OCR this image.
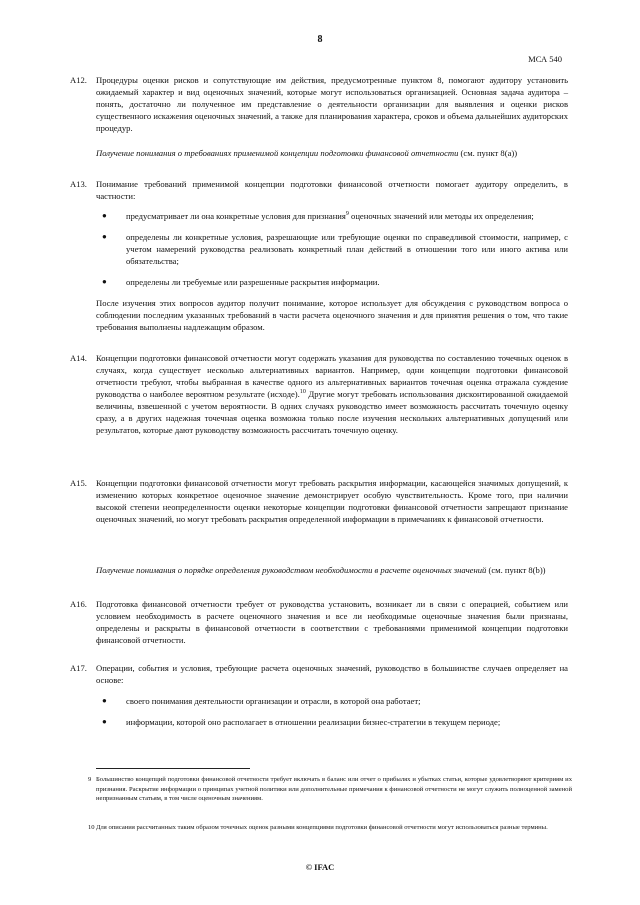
8
МСА 540
A12. Процедуры оценки рисков и сопутствующие им действия, предусмотренные пунктом 8, помогают аудитору установить ожидаемый характер и вид оценочных значений, которые могут использоваться организацией. Основная задача аудитора – понять, достаточно ли полученное им представление о деятельности организации для выявления и оценки рисков существенного искажения оценочных значений, а также для планирования характера, сроков и объема дальнейших аудиторских процедур.
Получение понимания о требованиях применимой концепции подготовки финансовой отчетности (см. пункт 8(a))
A13. Понимание требований применимой концепции подготовки финансовой отчетности помогает аудитору определить, в частности:
● предусматривает ли она конкретные условия для признания$^9$ оценочных значений или методы их определения;
● определены ли конкретные условия, разрешающие или требующие оценки по справедливой стоимости, например, с учетом намерений руководства реализовать конкретный план действий в отношении того или иного актива или обязательства;
● определены ли требуемые или разрешенные раскрытия информации.
После изучения этих вопросов аудитор получит понимание, которое использует для обсуждения с руководством вопроса о соблюдении последним указанных требований в части расчета оценочного значения и для принятия решения о том, что такие требования выполнены надлежащим образом.
A14. Концепции подготовки финансовой отчетности могут содержать указания для руководства по составлению точечных оценок в случаях, когда существует несколько альтернативных вариантов. Например, одни концепции подготовки финансовой отчетности требуют, чтобы выбранная в качестве одного из альтернативных вариантов точечная оценка отражала суждение руководства о наиболее вероятном результате (исходе).$^{10}$ Другие могут требовать использования дисконтированной ожидаемой величины, взвешенной с учетом вероятности. В одних случаях руководство имеет возможность рассчитать точечную оценку сразу, а в других надежная точечная оценка возможна только после изучения нескольких альтернативных допущений или результатов, которые дают руководству возможность рассчитать точечную оценку.
A15. Концепции подготовки финансовой отчетности могут требовать раскрытия информации, касающейся значимых допущений, к изменению которых конкретное оценочное значение демонстрирует особую чувствительность. Кроме того, при наличии высокой степени неопределенности оценки некоторые концепции подготовки финансовой отчетности запрещают признание оценочных значений, но могут требовать раскрытия определенной информации в примечаниях к финансовой отчетности.
Получение понимания о порядке определения руководством необходимости в расчете оценочных значений (см. пункт 8(b))
A16. Подготовка финансовой отчетности требует от руководства установить, возникает ли в связи с операцией, событием или условием необходимость в расчете оценочного значения и все ли необходимые оценочные значения были признаны, определены и раскрыты в финансовой отчетности в соответствии с требованиями применимой концепции подготовки финансовой отчетности.
A17. Операции, события и условия, требующие расчета оценочных значений, руководство в большинстве случаев определяет на основе:
● своего понимания деятельности организации и отрасли, в которой она работает;
● информации, которой оно располагает в отношении реализации бизнес-стратегии в текущем периоде;
9 Большинство концепций подготовки финансовой отчетности требует включать в баланс или отчет о прибылях и убытках статьи, которые удовлетворяют критериям их признания. Раскрытие информации о принципах учетной политики или дополнительные примечания к финансовой отчетности не могут служить полноценной заменой непризнанным статьям, в том числе оценочным значениям.
10 Для описания рассчитанных таким образом точечных оценок разными концепциями подготовки финансовой отчетности могут использоваться разные термины.
© IFAC
